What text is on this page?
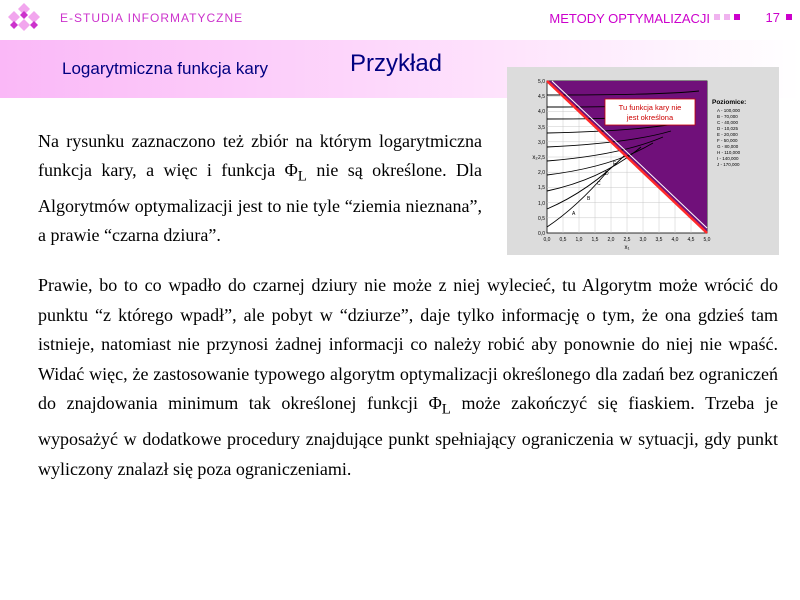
E-STUDIA INFORMATYCZNE	METODY OPTYMALIZACJI	17
Logarytmiczna funkcja kary	Przykład
A
B
C
D
E
5,0
4,5
4,0
3,5
3,0
2,5
2,0
1,5
1,0
0,5
0,0
0,0 0,5 1,0 1,5 2,0 2,5 3,0 3,5 4,0 4,5 5,0
x₁
x₂
Tu funkcja kary nie
jest określona
Poziomice:
A - 100,000
B - 70,000
C - 40,000
D - 10,025
E - 20,000
F - 50,000
G - 80,000
H - 110,000
I - 140,000
J - 170,000
Na rysunku zaznaczono też zbiór na którym logarytmiczna funkcja kary, a więc i funkcja $\Phi_L$ nie są określone. Dla Algorytmów optymalizacji jest to nie tyle “ziemia nieznana”, a prawie “czarna dziura”.
Prawie, bo to co wpadło do czarnej dziury nie może z niej wylecieć, tu Algorytm może wrócić do punktu “z którego wpadł”, ale pobyt w “dziurze”, daje tylko informację o tym, że ona gdzieś tam istnieje, natomiast nie przynosi żadnej informacji co należy robić aby ponownie do niej nie wpaść. Widać więc, że zastosowanie typowego algorytm optymalizacji określonego dla zadań bez ograniczeń do znajdowania minimum tak określonej funkcji $\Phi_L$ może zakończyć się fiaskiem. Trzeba je wyposażyć w dodatkowe procedury znajdujące punkt spełniający ograniczenia w sytuacji, gdy punkt wyliczony znalazł się poza ograniczeniami.
